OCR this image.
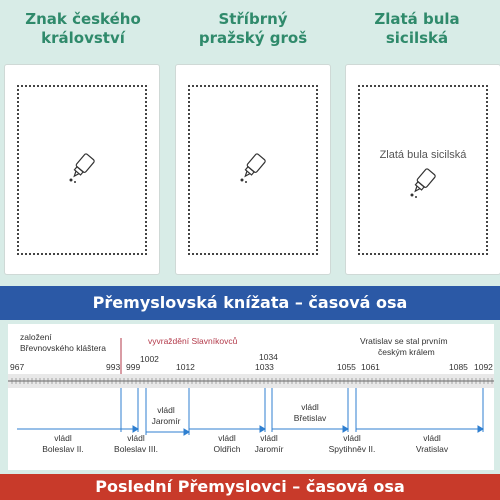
Znak českého
království
Stříbrný
pražský groš
Zlatá bula
sicilská
Zlatá bula sicilská
Přemyslovská knížata – časová osa
založení
Břevnovského kláštera
vyvraždění Slavníkovců	Vratislav se stal prvním
českým králem
967	993 999
1002
1012	1033
1034
1055 1061	1085 1092
vládl
Boleslav II.
vládl
Boleslav III.
vládl
Jaromír
vládl
Oldřich
vládl
Jaromír
vládl
Břetislav
vládl
Spytihněv II.
vládl
Vratislav
Poslední Přemyslovci – časová osa
